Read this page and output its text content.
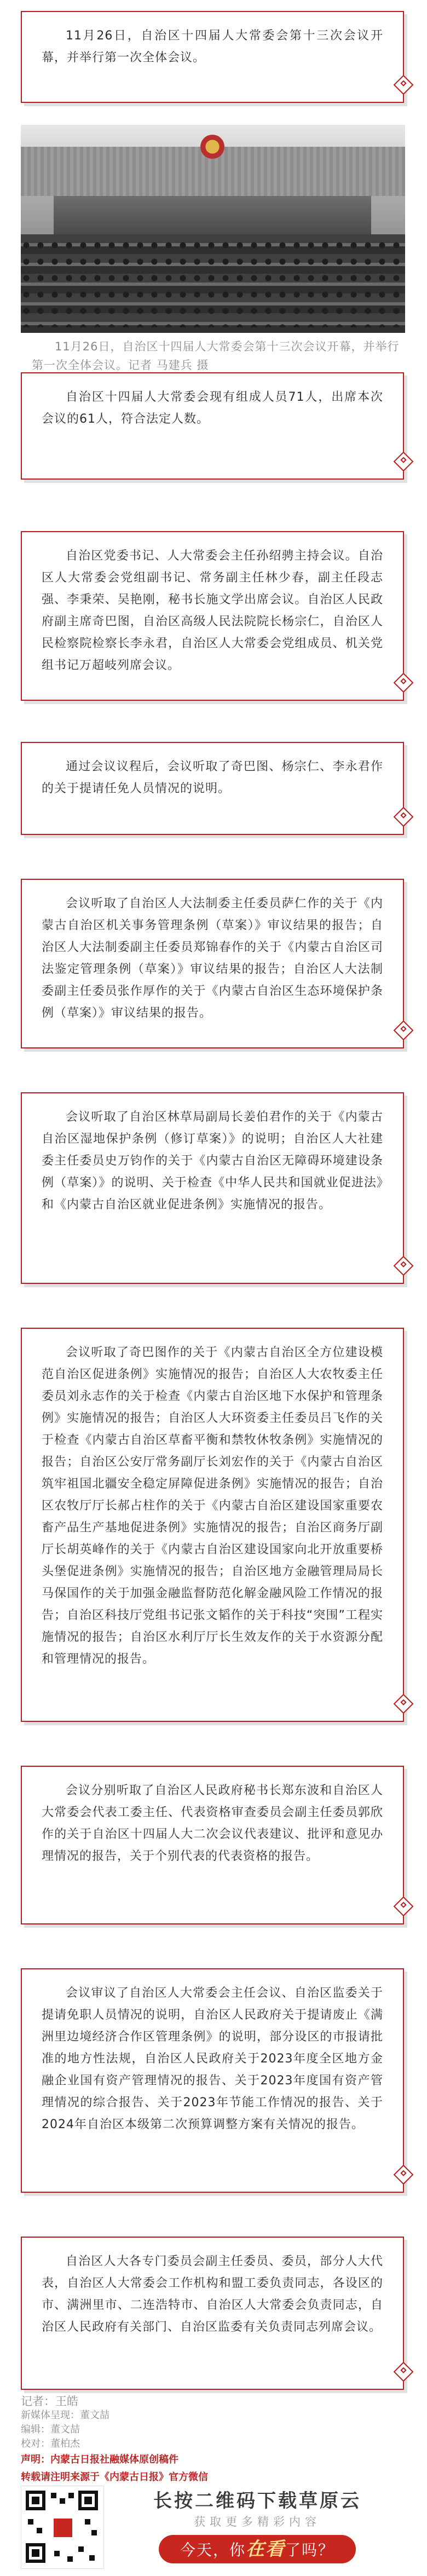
11月26日，自治区十四届人大常委会第十三次会议开幕，并举行第一次全体会议。
11月26日，自治区十四届人大常委会第十三次会议开幕，并举行第一次全体会议。记者 马建兵 摄
自治区十四届人大常委会现有组成人员71人，出席本次会议的61人，符合法定人数。
自治区党委书记、人大常委会主任孙绍骋主持会议。自治区人大常委会党组副书记、常务副主任林少春，副主任段志强、李秉荣、吴艳刚，秘书长施文学出席会议。自治区人民政府副主席奇巴图，自治区高级人民法院院长杨宗仁，自治区人民检察院检察长李永君，自治区人大常委会党组成员、机关党组书记万超岐列席会议。
通过会议议程后，会议听取了奇巴图、杨宗仁、李永君作的关于提请任免人员情况的说明。
会议听取了自治区人大法制委主任委员萨仁作的关于《内蒙古自治区机关事务管理条例（草案）》审议结果的报告；自治区人大法制委副主任委员郑锦春作的关于《内蒙古自治区司法鉴定管理条例（草案）》审议结果的报告；自治区人大法制委副主任委员张作厚作的关于《内蒙古自治区生态环境保护条例（草案）》审议结果的报告。
会议听取了自治区林草局副局长姜伯君作的关于《内蒙古自治区湿地保护条例（修订草案）》的说明；自治区人大社建委主任委员史万钧作的关于《内蒙古自治区无障碍环境建设条例（草案）》的说明、关于检查《中华人民共和国就业促进法》和《内蒙古自治区就业促进条例》实施情况的报告。
会议听取了奇巴图作的关于《内蒙古自治区全方位建设模范自治区促进条例》实施情况的报告；自治区人大农牧委主任委员刘永志作的关于检查《内蒙古自治区地下水保护和管理条例》实施情况的报告；自治区人大环资委主任委员吕飞作的关于检查《内蒙古自治区草畜平衡和禁牧休牧条例》实施情况的报告；自治区公安厅常务副厅长刘宏作的关于《内蒙古自治区筑牢祖国北疆安全稳定屏障促进条例》实施情况的报告；自治区农牧厅厅长郝占柱作的关于《内蒙古自治区建设国家重要农畜产品生产基地促进条例》实施情况的报告；自治区商务厅副厅长胡英峰作的关于《内蒙古自治区建设国家向北开放重要桥头堡促进条例》实施情况的报告；自治区地方金融管理局局长马保国作的关于加强金融监督防范化解金融风险工作情况的报告；自治区科技厅党组书记张文韬作的关于科技“突围”工程实施情况的报告；自治区水利厅厅长生效友作的关于水资源分配和管理情况的报告。
会议分别听取了自治区人民政府秘书长郑东波和自治区人大常委会代表工委主任、代表资格审查委员会副主任委员郭欣作的关于自治区十四届人大二次会议代表建议、批评和意见办理情况的报告，关于个别代表的代表资格的报告。
会议审议了自治区人大常委会主任会议、自治区监委关于提请免职人员情况的说明，自治区人民政府关于提请废止《满洲里边境经济合作区管理条例》的说明，部分设区的市报请批准的地方性法规，自治区人民政府关于2023年度全区地方金融企业国有资产管理情况的报告、关于2023年度国有资产管理情况的综合报告、关于2023年节能工作情况的报告、关于2024年自治区本级第二次预算调整方案有关情况的报告。
自治区人大各专门委员会副主任委员、委员，部分人大代表，自治区人大常委会工作机构和盟工委负责同志，各设区的市、满洲里市、二连浩特市、自治区人大常委会负责同志，自治区人民政府有关部门、自治区监委有关负责同志列席会议。
记者：王皓
新媒体呈现：董文喆
编辑：董文喆
校对：董柏杰
声明：内蒙古日报社融媒体原创稿件
转载请注明来源于《内蒙古日报》官方微信
长按二维码下载草原云
获取更多精彩内容
今天，你在看了吗？
